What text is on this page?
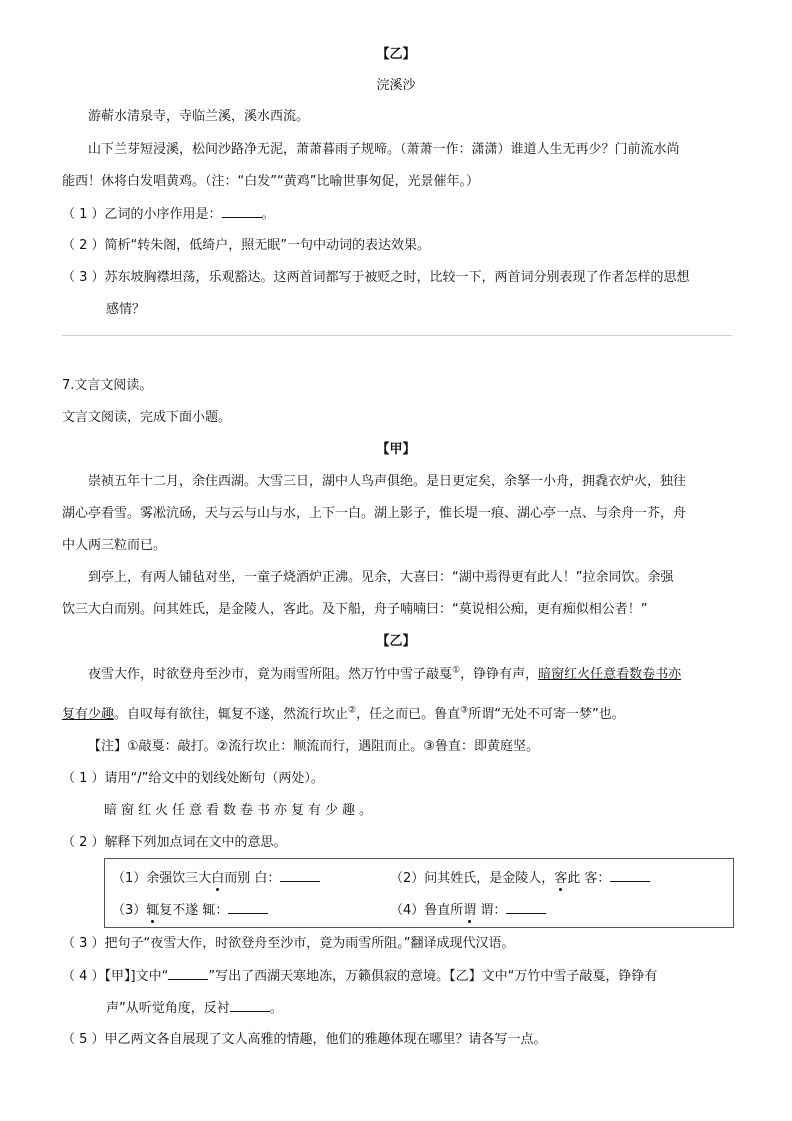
【乙】
浣溪沙
游蕲水清泉寺，寺临兰溪，溪水西流。
山下兰芽短浸溪，松间沙路净无泥，萧萧暮雨子规啼。（萧萧一作：潇潇）谁道人生无再少？门前流水尚
能西！休将白发唱黄鸡。（注：“白发”“黄鸡”比喻世事匆促，光景催年。）
（ 1 ）乙词的小序作用是：	。
（ 2 ）简析“转朱阁，低绮户，照无眠”一句中动词的表达效果。
（ 3 ）苏东坡胸襟坦荡，乐观豁达。这两首词都写于被贬之时，比较一下，两首词分别表现了作者怎样的思想
感情？
7.文言文阅读。
文言文阅读，完成下面小题。
【甲】
崇祯五年十二月，余住西湖。大雪三日，湖中人鸟声俱绝。是日更定矣，余拏一小舟，拥毳衣炉火，独往
湖心亭看雪。雾凇沆砀，天与云与山与水，上下一白。湖上影子，惟长堤一痕、湖心亭一点、与余舟一芥，舟
中人两三粒而已。
到亭上，有两人铺毡对坐，一童子烧酒炉正沸。见余，大喜曰：“湖中焉得更有此人！”拉余同饮。余强
饮三大白而别。问其姓氏，是金陵人，客此。及下船，舟子喃喃曰：“莫说相公痴，更有痴似相公者！”
【乙】
夜雪大作，时欲登舟至沙市，竟为雨雪所阻。然万竹中雪子敲戛①，铮铮有声，暗窗红火任意看数卷书亦
复有少趣。自叹每有欲往，辄复不遂，然流行坎止②，任之而已。鲁直③所谓“无处不可寄一梦”也。
【注】①敲戛：敲打。②流行坎止：顺流而行，遇阻而止。③鲁直：即黄庭坚。
（ 1 ）请用“/”给文中的划线处断句（两处）。
暗窗红火任意看数卷书亦复有少趣。
（ 2 ）解释下列加点词在文中的意思。
（1）余强饮三大白而别 白：	（2）问其姓氏，是金陵人，客此 客：
（3）辄复不遂 辄：	（4）鲁直所谓 谓：
（ 3 ）把句子“夜雪大作，时欲登舟至沙市，竟为雨雪所阻。”翻译成现代汉语。
（ 4 ）【甲】]文中“	”写出了西湖天寒地冻，万籁俱寂的意境。【乙】文中“万竹中雪子敲戛，铮铮有
声”从听觉角度，反衬	。
（ 5 ）甲乙两文各自展现了文人高雅的情趣，他们的雅趣体现在哪里？请各写一点。
